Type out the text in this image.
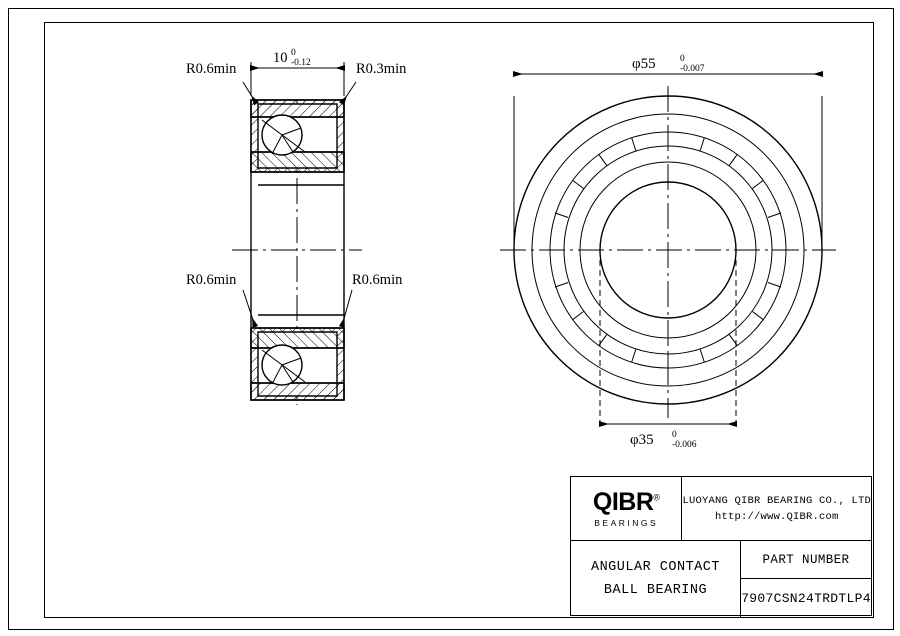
R0.6min	R0.3min
R0.6min	R0.6min
10 0
-0.12	φ55	0
-0.007
φ35 0
-0.006
QIBR®
BEARINGS
LUOYANG QIBR BEARING CO., LTD
http://www.QIBR.com
ANGULAR CONTACT
BALL BEARING
PART NUMBER
7907CSN24TRDTLP4
